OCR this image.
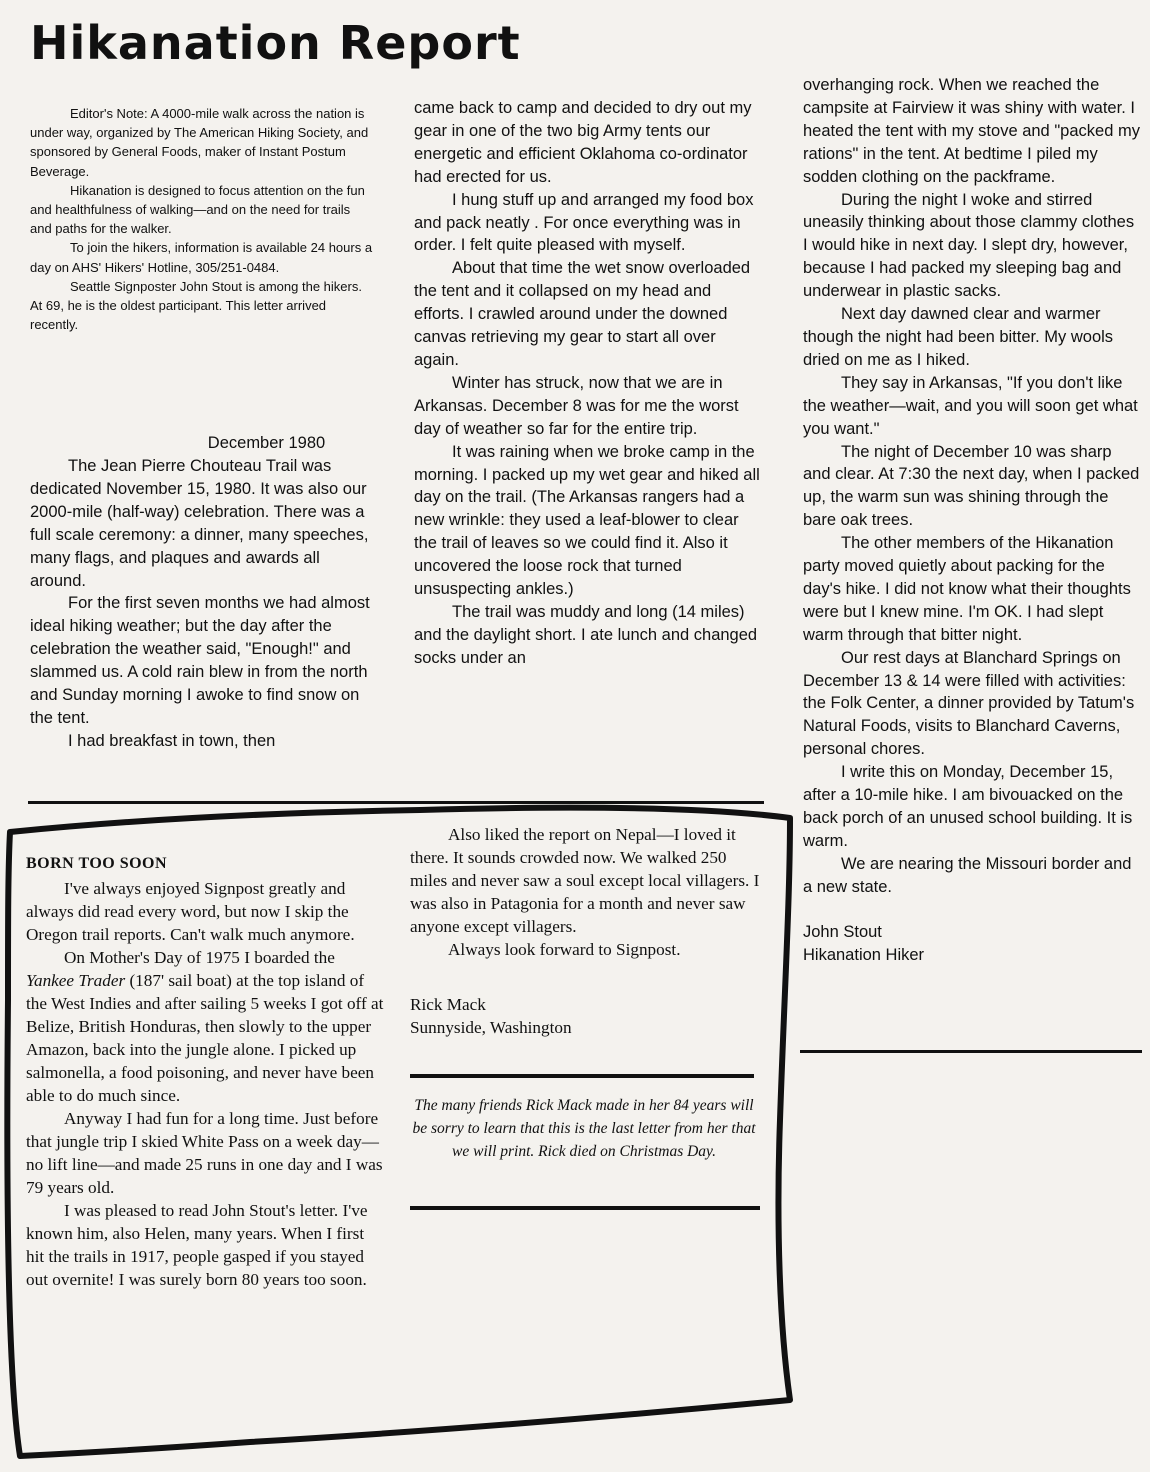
Hikanation Report

Editor's Note: A 4000-mile walk across the nation is under way, organized by The American Hiking Society, and sponsored by General Foods, maker of Instant Postum Beverage.

Hikanation is designed to focus attention on the fun and healthfulness of walking—and on the need for trails and paths for the walker.

To join the hikers, information is available 24 hours a day on AHS' Hikers' Hotline, 305/251-0484.

Seattle Signposter John Stout is among the hikers. At 69, he is the oldest participant. This letter arrived recently.

December 1980

The Jean Pierre Chouteau Trail was dedicated November 15, 1980. It was also our 2000-mile (half-way) celebration. There was a full scale ceremony: a dinner, many speeches, many flags, and plaques and awards all around.

For the first seven months we had almost ideal hiking weather; but the day after the celebration the weather said, "Enough!" and slammed us. A cold rain blew in from the north and Sunday morning I awoke to find snow on the tent.

I had breakfast in town, then

came back to camp and decided to dry out my gear in one of the two big Army tents our energetic and efficient Oklahoma co-ordinator had erected for us.

I hung stuff up and arranged my food box and pack neatly . For once everything was in order. I felt quite pleased with myself.

About that time the wet snow overloaded the tent and it collapsed on my head and efforts. I crawled around under the downed canvas retrieving my gear to start all over again.

Winter has struck, now that we are in Arkansas. December 8 was for me the worst day of weather so far for the entire trip.

It was raining when we broke camp in the morning. I packed up my wet gear and hiked all day on the trail. (The Arkansas rangers had a new wrinkle: they used a leaf-blower to clear the trail of leaves so we could find it. Also it uncovered the loose rock that turned unsuspecting ankles.)

The trail was muddy and long (14 miles) and the daylight short. I ate lunch and changed socks under an

overhanging rock. When we reached the campsite at Fairview it was shiny with water. I heated the tent with my stove and "packed my rations" in the tent. At bedtime I piled my sodden clothing on the packframe.

During the night I woke and stirred uneasily thinking about those clammy clothes I would hike in next day. I slept dry, however, because I had packed my sleeping bag and underwear in plastic sacks.

Next day dawned clear and warmer though the night had been bitter. My wools dried on me as I hiked.

They say in Arkansas, "If you don't like the weather—wait, and you will soon get what you want."

The night of December 10 was sharp and clear. At 7:30 the next day, when I packed up, the warm sun was shining through the bare oak trees.

The other members of the Hikanation party moved quietly about packing for the day's hike. I did not know what their thoughts were but I knew mine. I'm OK. I had slept warm through that bitter night.

Our rest days at Blanchard Springs on December 13 & 14 were filled with activities: the Folk Center, a dinner provided by Tatum's Natural Foods, visits to Blanchard Caverns, personal chores.

I write this on Monday, December 15, after a 10-mile hike. I am bivouacked on the back porch of an unused school building. It is warm.

We are nearing the Missouri border and a new state.

John Stout

Hikanation Hiker

BORN TOO SOON

I've always enjoyed Signpost greatly and always did read every word, but now I skip the Oregon trail reports. Can't walk much anymore.

On Mother's Day of 1975 I boarded the Yankee Trader (187' sail boat) at the top island of the West Indies and after sailing 5 weeks I got off at Belize, British Honduras, then slowly to the upper Amazon, back into the jungle alone. I picked up salmonella, a food poisoning, and never have been able to do much since.

Anyway I had fun for a long time. Just before that jungle trip I skied White Pass on a week day—no lift line—and made 25 runs in one day and I was 79 years old.

I was pleased to read John Stout's letter. I've known him, also Helen, many years. When I first hit the trails in 1917, people gasped if you stayed out overnite! I was surely born 80 years too soon.

Also liked the report on Nepal—I loved it there. It sounds crowded now. We walked 250 miles and never saw a soul except local villagers. I was also in Patagonia for a month and never saw anyone except villagers.

Always look forward to Signpost.

Rick Mack

Sunnyside, Washington

The many friends Rick Mack made in her 84 years will be sorry to learn that this is the last letter from her that we will print. Rick died on Christmas Day.
